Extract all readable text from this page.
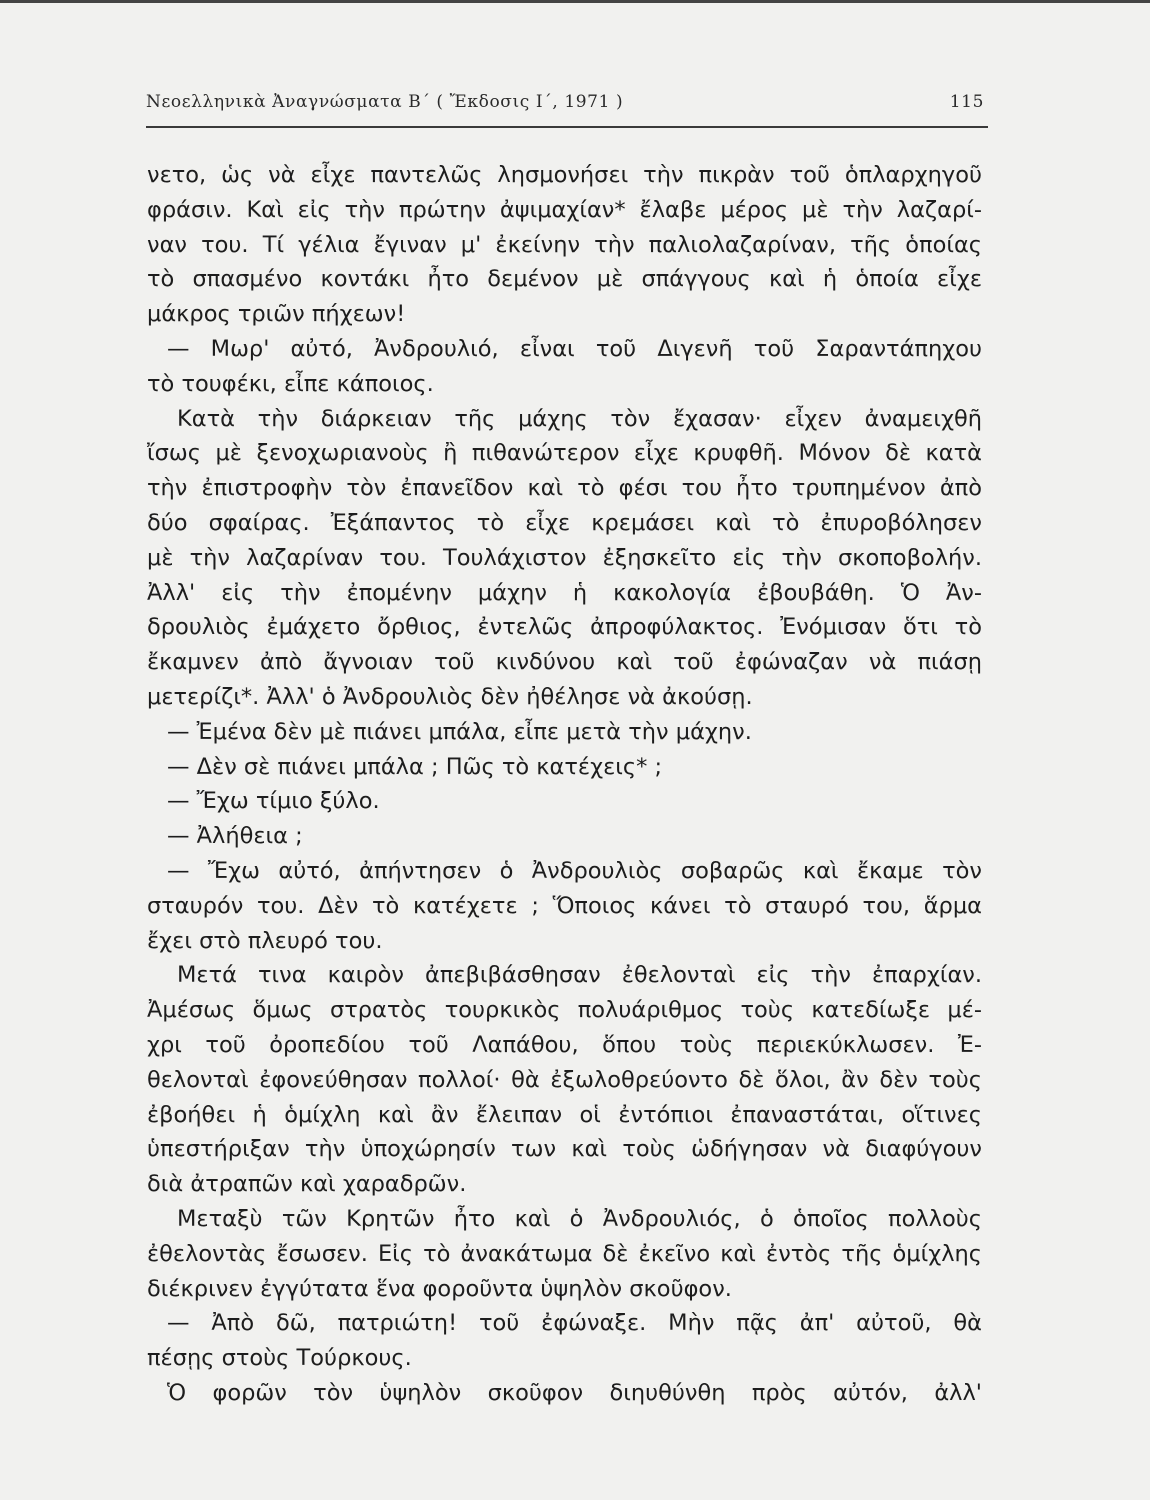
Νεοελληνικὰ Ἀναγνώσματα Β΄ ( Ἔκδοσις Ι΄, 1971 )	115
νετο, ὡς νὰ εἶχε παντελῶς λησμονήσει τὴν πικρὰν τοῦ ὁπλαρχηγοῦ
φράσιν. Καὶ εἰς τὴν πρώτην ἀψιμαχίαν* ἔλαβε μέρος μὲ τὴν λαζαρί-
ναν του. Τί γέλια ἔγιναν μ' ἐκείνην τὴν παλιολαζαρίναν, τῆς ὁποίας
τὸ σπασμένο κοντάκι ἦτο δεμένον μὲ σπάγγους καὶ ἡ ὁποία εἶχε
μάκρος τριῶν πήχεων!
— Μωρ' αὐτό, Ἀνδρουλιό, εἶναι τοῦ Διγενῆ τοῦ Σαραντάπηχου
τὸ τουφέκι, εἶπε κάποιος.
Κατὰ τὴν διάρκειαν τῆς μάχης τὸν ἔχασαν· εἶχεν ἀναμειχθῆ
ἴσως μὲ ξενοχωριανοὺς ἢ πιθανώτερον εἶχε κρυφθῆ. Μόνον δὲ κατὰ
τὴν ἐπιστροφὴν τὸν ἐπανεῖδον καὶ τὸ φέσι του ἦτο τρυπημένον ἀπὸ
δύο σφαίρας. Ἐξάπαντος τὸ εἶχε κρεμάσει καὶ τὸ ἐπυροβόλησεν
μὲ τὴν λαζαρίναν του. Τουλάχιστον ἐξησκεῖτο εἰς τὴν σκοποβολήν.
Ἀλλ' εἰς τὴν ἐπομένην μάχην ἡ κακολογία ἐβουβάθη. Ὁ Ἀν-
δρουλιὸς ἐμάχετο ὄρθιος, ἐντελῶς ἀπροφύλακτος. Ἐνόμισαν ὅτι τὸ
ἔκαμνεν ἀπὸ ἄγνοιαν τοῦ κινδύνου καὶ τοῦ ἐφώναζαν νὰ πιάσῃ
μετερίζι*. Ἀλλ' ὁ Ἀνδρουλιὸς δὲν ἠθέλησε νὰ ἀκούσῃ.
— Ἐμένα δὲν μὲ πιάνει μπάλα, εἶπε μετὰ τὴν μάχην.
— Δὲν σὲ πιάνει μπάλα ; Πῶς τὸ κατέχεις* ;
— Ἔχω τίμιο ξύλο.
— Ἀλήθεια ;
— Ἔχω αὐτό, ἀπήντησεν ὁ Ἀνδρουλιὸς σοβαρῶς καὶ ἔκαμε τὸν
σταυρόν του. Δὲν τὸ κατέχετε ; Ὅποιος κάνει τὸ σταυρό του, ἅρμα
ἔχει στὸ πλευρό του.
Μετά τινα καιρὸν ἀπεβιβάσθησαν ἐθελονταὶ εἰς τὴν ἐπαρχίαν.
Ἀμέσως ὅμως στρατὸς τουρκικὸς πολυάριθμος τοὺς κατεδίωξε μέ-
χρι τοῦ ὀροπεδίου τοῦ Λαπάθου, ὅπου τοὺς περιεκύκλωσεν. Ἐ-
θελονταὶ ἐφονεύθησαν πολλοί· θὰ ἐξωλοθρεύοντο δὲ ὅλοι, ἂν δὲν τοὺς
ἐβοήθει ἡ ὁμίχλη καὶ ἂν ἔλειπαν οἱ ἐντόπιοι ἐπαναστάται, οἵτινες
ὑπεστήριξαν τὴν ὑποχώρησίν των καὶ τοὺς ὡδήγησαν νὰ διαφύγουν
διὰ ἀτραπῶν καὶ χαραδρῶν.
Μεταξὺ τῶν Κρητῶν ἦτο καὶ ὁ Ἀνδρουλιός, ὁ ὁποῖος πολλοὺς
ἐθελοντὰς ἔσωσεν. Εἰς τὸ ἀνακάτωμα δὲ ἐκεῖνο καὶ ἐντὸς τῆς ὁμίχλης
διέκρινεν ἐγγύτατα ἕνα φοροῦντα ὑψηλὸν σκοῦφον.
— Ἀπὸ δῶ, πατριώτη! τοῦ ἐφώναξε. Μὴν πᾷς ἀπ' αὐτοῦ, θὰ
πέσῃς στοὺς Τούρκους.
Ὁ φορῶν τὸν ὑψηλὸν σκοῦφον διηυθύνθη πρὸς αὐτόν, ἀλλ'
